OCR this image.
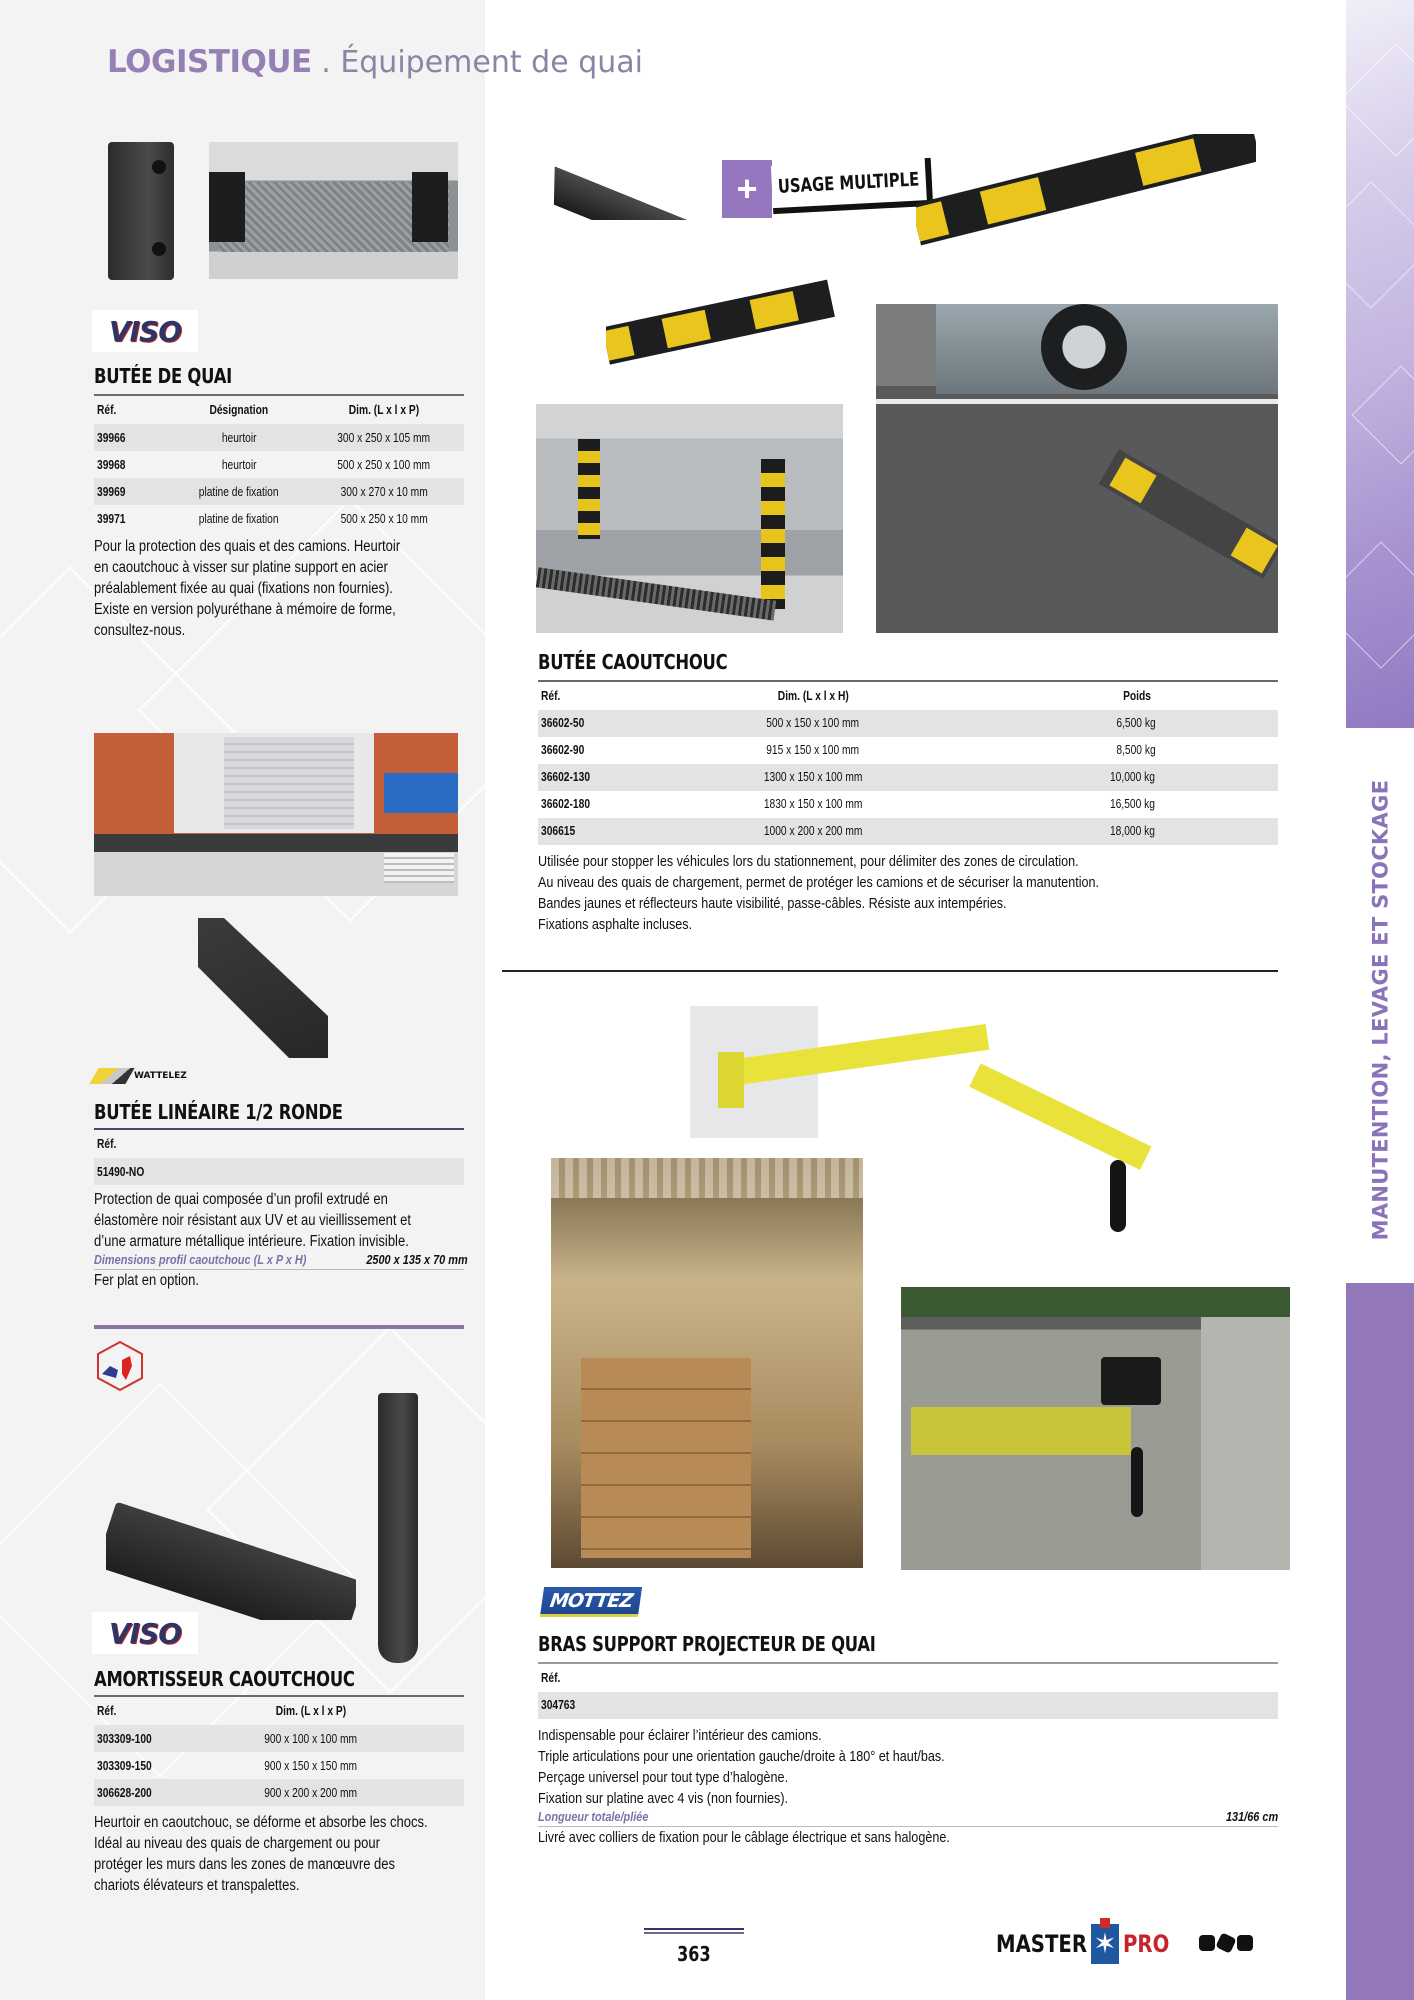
MANUTENTION, LEVAGE ET STOCKAGE
LOGISTIQUE . Équipement de quai
VISO
BUTÉE DE QUAI
Réf.	Désignation	Dim. (L x l x P)
39966	heurtoir	300 x 250 x 105 mm
39968	heurtoir	500 x 250 x 100 mm
39969	platine de fixation	300 x 270 x 10 mm
39971	platine de fixation	500 x 250 x 10 mm

Pour la protection des quais et des camions. Heurtoir

en caoutchouc à visser sur platine support en acier

préalablement fixée au quai (fixations non fournies).

Existe en version polyuréthane à mémoire de forme,

consultez-nous.

WATTELEZ
BUTÉE LINÉAIRE 1/2 RONDE
Réf.
51490-NO

Protection de quai composée d’un profil extrudé en

élastomère noir résistant aux UV et au vieillissement et

d’une armature métallique intérieure. Fixation invisible.

Dimensions profil caoutchouc (L x P x H)	2500 x 135 x 70 mm

Fer plat en option.

VISO
AMORTISSEUR CAOUTCHOUC
Réf.	Dim. (L x l x P)
303309-100	900 x 100 x 100 mm
303309-150	900 x 150 x 150 mm
306628-200	900 x 200 x 200 mm

Heurtoir en caoutchouc, se déforme et absorbe les chocs.

Idéal au niveau des quais de chargement ou pour

protéger les murs dans les zones de manœuvre des

chariots élévateurs et transpalettes.

+	USAGE MULTIPLE
BUTÉE CAOUTCHOUC
Réf.	Dim. (L x l x H)	Poids
36602-50	500 x 150 x 100 mm	6,500 kg
36602-90	915 x 150 x 100 mm	8,500 kg
36602-130	1300 x 150 x 100 mm	10,000 kg
36602-180	1830 x 150 x 100 mm	16,500 kg
306615	1000 x 200 x 200 mm	18,000 kg

Utilisée pour stopper les véhicules lors du stationnement, pour délimiter des zones de circulation.

Au niveau des quais de chargement, permet de protéger les camions et de sécuriser la manutention.

Bandes jaunes et réflecteurs haute visibilité, passe-câbles. Résiste aux intempéries.

Fixations asphalte incluses.

MOTTEZ
BRAS SUPPORT PROJECTEUR DE QUAI
Réf.
304763

Indispensable pour éclairer l’intérieur des camions.

Triple articulations pour une orientation gauche/droite à 180° et haut/bas.

Perçage universel pour tout type d’halogène.

Fixation sur platine avec 4 vis (non fournies).

Longueur totale/pliée	131/66 cm

Livré avec colliers de fixation pour le câblage électrique et sans halogène.

363	MASTER ✶ PRO
